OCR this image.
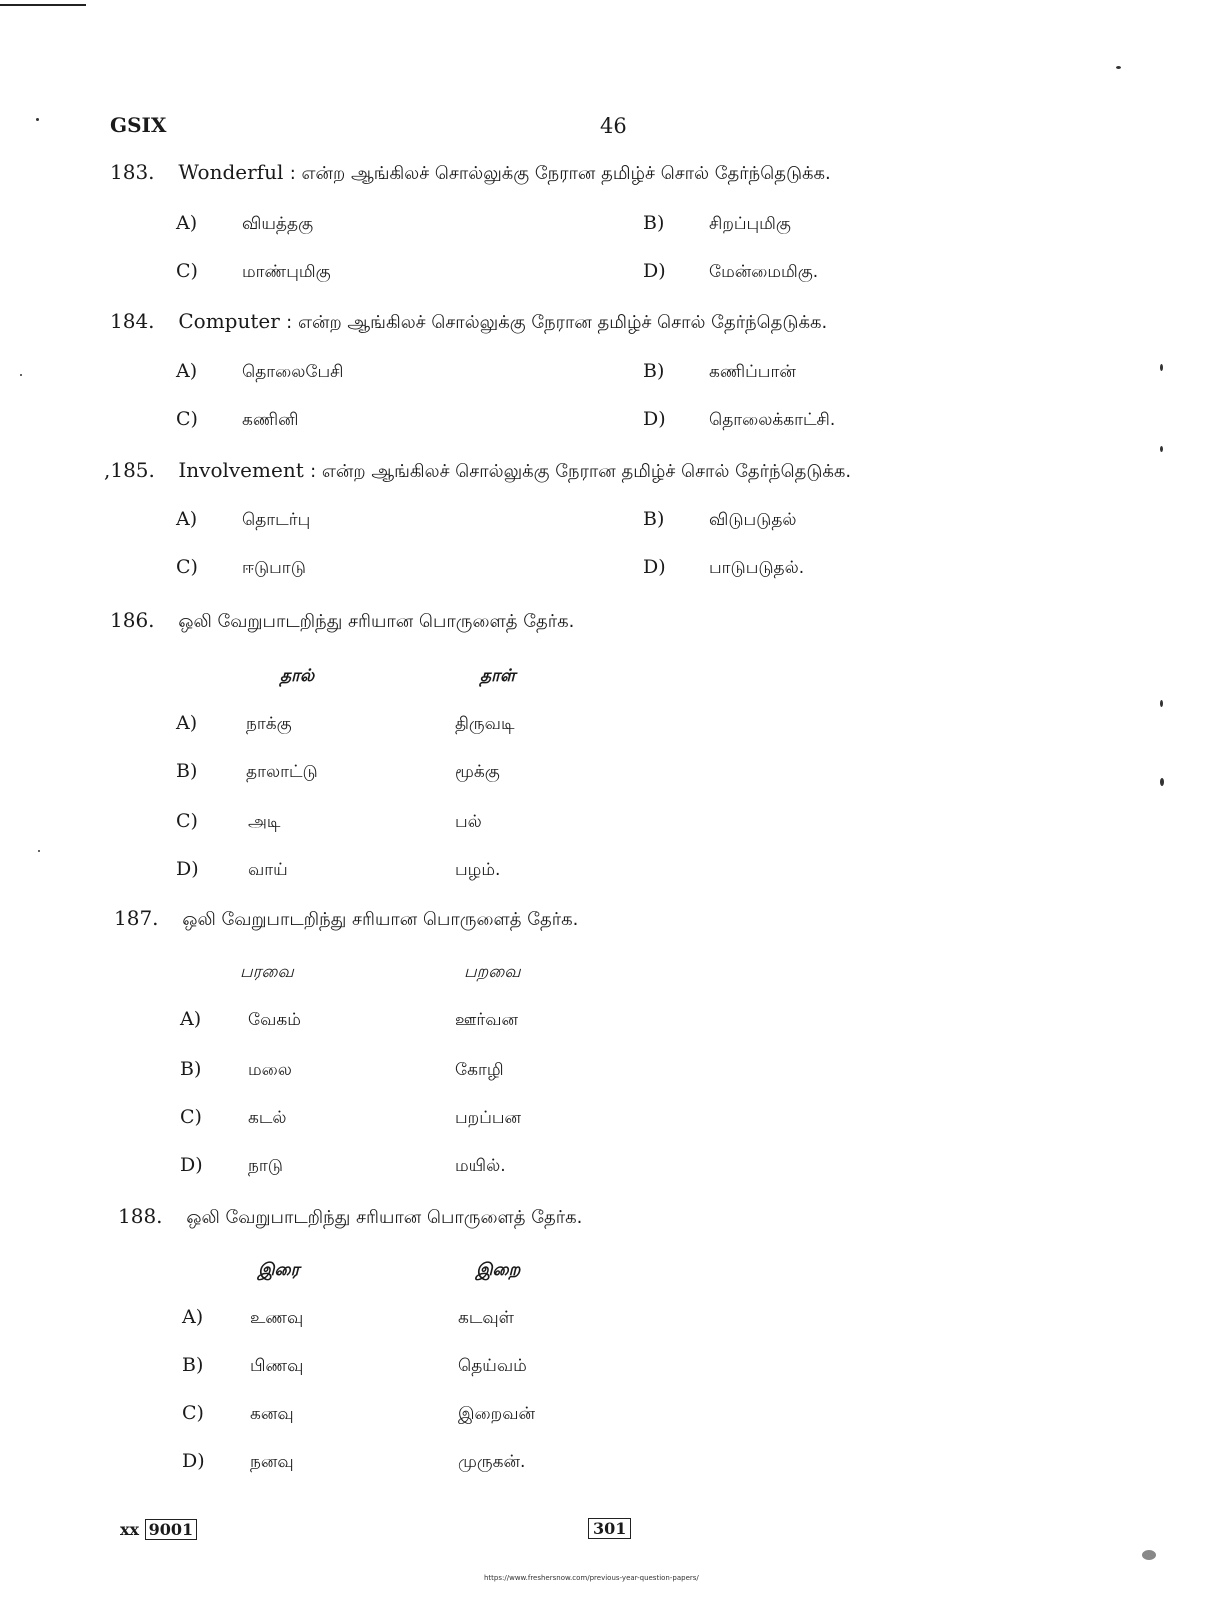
GSIX	46
183. Wonderful : என்ற ஆங்கிலச் சொல்லுக்கு நேரான தமிழ்ச் சொல் தேர்ந்தெடுக்க.
A)	வியத்தகு	B)	சிறப்புமிகு
C)	மாண்புமிகு	D)	மேன்மைமிகு.
184. Computer : என்ற ஆங்கிலச் சொல்லுக்கு நேரான தமிழ்ச் சொல் தேர்ந்தெடுக்க.
A)	தொலைபேசி	B)	கணிப்பான்
C)	கணினி	D)	தொலைக்காட்சி.
,185. Involvement : என்ற ஆங்கிலச் சொல்லுக்கு நேரான தமிழ்ச் சொல் தேர்ந்தெடுக்க.
A)	தொடர்பு	B)	விடுபடுதல்
C)	ஈடுபாடு	D)	பாடுபடுதல்.
186. ஒலி வேறுபாடறிந்து சரியான பொருளைத் தேர்க.
தால்	தாள்
A)	நாக்கு	திருவடி
B)	தாலாட்டு	மூக்கு
C)	அடி	பல்
D)	வாய்	பழம்.
187. ஒலி வேறுபாடறிந்து சரியான பொருளைத் தேர்க.
பரவை	பறவை
A)	வேகம்	ஊர்வன
B)	மலை	கோழி
C)	கடல்	பறப்பன
D)	நாடு	மயில்.
188. ஒலி வேறுபாடறிந்து சரியான பொருளைத் தேர்க.
இரை	இறை
A)	உணவு	கடவுள்
B)	பிணவு	தெய்வம்
C)	கனவு	இறைவன்
D)	நனவு	முருகன்.
xx 9001	301
https://www.freshersnow.com/previous-year-question-papers/
